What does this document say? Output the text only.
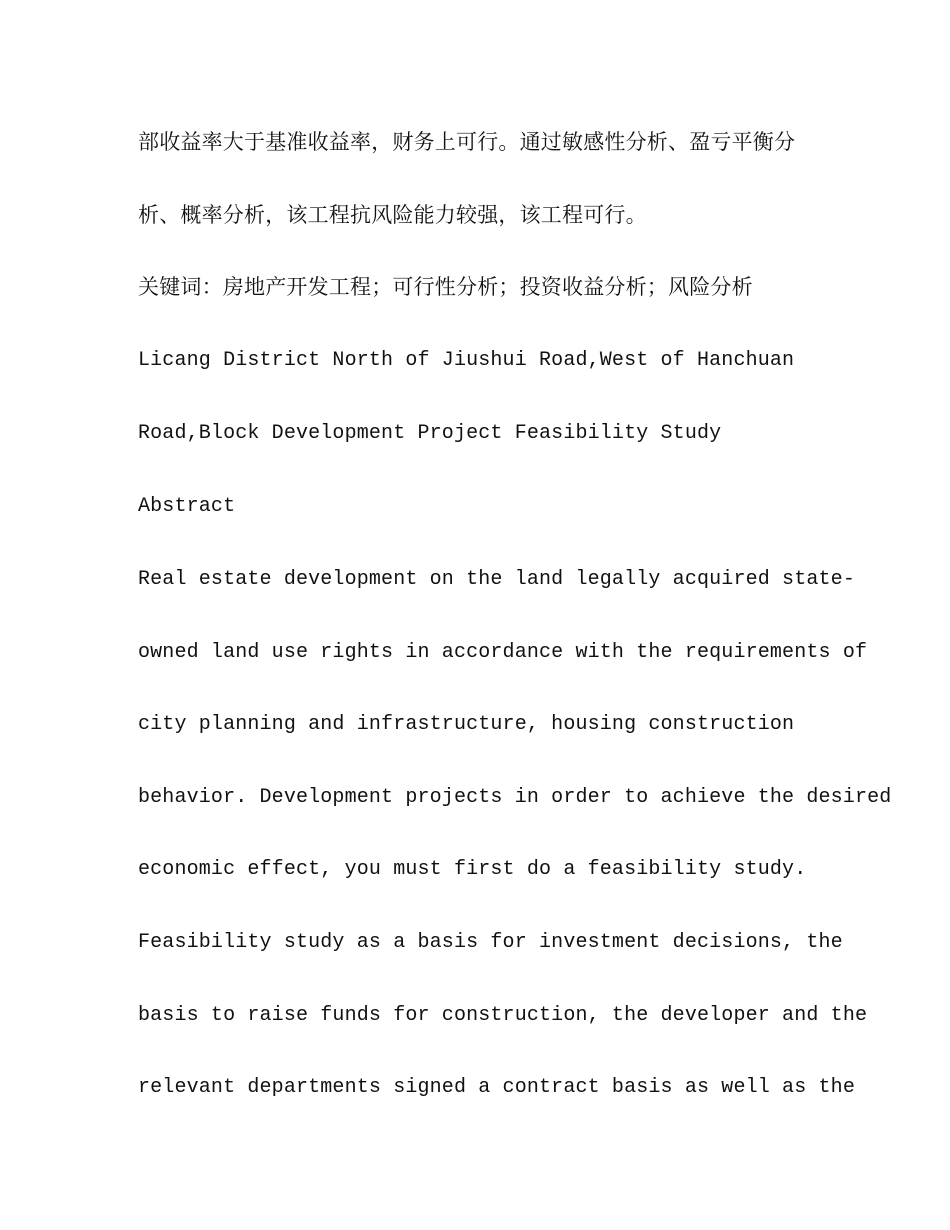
部收益率大于基准收益率，财务上可行。通过敏感性分析、盈亏平衡分
析、概率分析，该工程抗风险能力较强，该工程可行。
关键词：房地产开发工程；可行性分析；投资收益分析；风险分析
Licang District North of Jiushui Road,West of Hanchuan
Road,Block Development Project Feasibility Study
Abstract
Real estate development on the land legally acquired state-
owned land use rights in accordance with the requirements of
city planning and infrastructure, housing construction
behavior. Development projects in order to achieve the desired
economic effect, you must first do a feasibility study.
Feasibility study as a basis for investment decisions, the
basis to raise funds for construction, the developer and the
relevant departments signed a contract basis as well as the
